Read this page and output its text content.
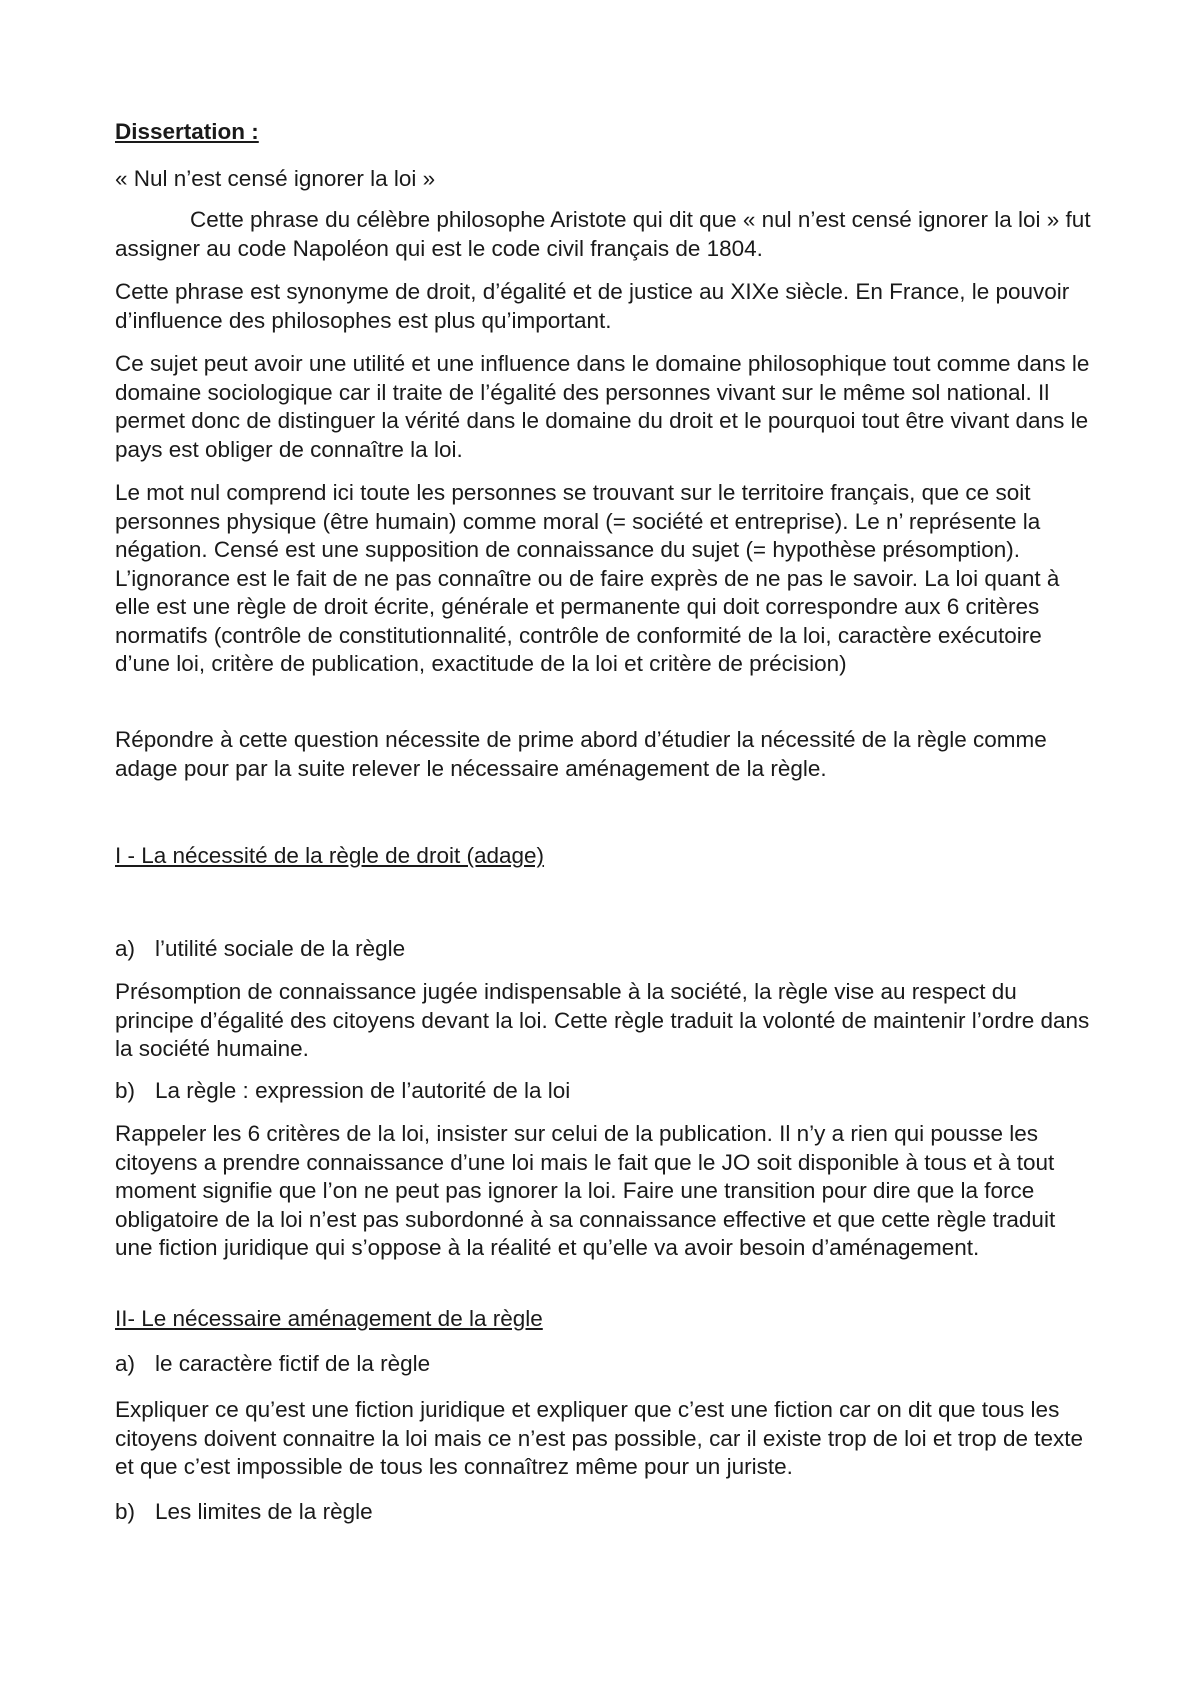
Dissertation :

« Nul n’est censé ignorer la loi »

Cette phrase du célèbre philosophe Aristote qui dit que « nul n’est censé ignorer la loi » fut assigner au code Napoléon qui est le code civil français de 1804.

Cette phrase est synonyme de droit, d’égalité et de justice au XIXe siècle. En France, le pouvoir d’influence des philosophes est plus qu’important.

Ce sujet peut avoir une utilité et une influence dans le domaine philosophique tout comme dans le domaine sociologique car il traite de l’égalité des personnes vivant sur le même sol national. Il permet donc de distinguer la vérité dans le domaine du droit et le pourquoi tout être vivant dans le pays est obliger de connaître la loi.

Le mot nul comprend ici toute les personnes se trouvant sur le territoire français, que ce soit personnes physique (être humain) comme moral (= société et entreprise). Le n’ représente la négation. Censé est une supposition de connaissance du sujet (= hypothèse présomption). L’ignorance est le fait de ne pas connaître ou de faire exprès de ne pas le savoir. La loi quant à elle est une règle de droit écrite, générale et permanente qui doit correspondre aux 6 critères normatifs (contrôle de constitutionnalité, contrôle de conformité de la loi, caractère exécutoire d’une loi, critère de publication, exactitude de la loi et critère de précision)

Répondre à cette question nécessite de prime abord d’étudier la nécessité de la règle comme adage pour par la suite relever le nécessaire aménagement de la règle.

I - La nécessité de la règle de droit (adage)

a) l’utilité sociale de la règle

Présomption de connaissance jugée indispensable à la société, la règle vise au respect du principe d’égalité des citoyens devant la loi. Cette règle traduit la volonté de maintenir l’ordre dans la société humaine.

b) La règle : expression de l’autorité de la loi

Rappeler les 6 critères de la loi, insister sur celui de la publication. Il n’y a rien qui pousse les citoyens a prendre connaissance d’une loi mais le fait que le JO soit disponible à tous et à tout moment signifie que l’on ne peut pas ignorer la loi. Faire une transition pour dire que la force obligatoire de la loi n’est pas subordonné à sa connaissance effective et que cette règle traduit une fiction juridique qui s’oppose à la réalité et qu’elle va avoir besoin d’aménagement.

II- Le nécessaire aménagement de la règle

a) le caractère fictif de la règle

Expliquer ce qu’est une fiction juridique et expliquer que c’est une fiction car on dit que tous les citoyens doivent connaitre la loi mais ce n’est pas possible, car il existe trop de loi et trop de texte et que c’est impossible de tous les connaîtrez même pour un juriste.

b) Les limites de la règle
